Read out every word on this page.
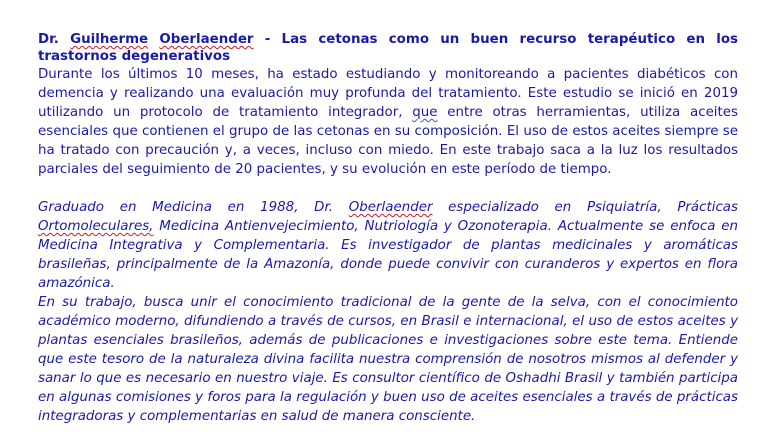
Dr. Guilherme Oberlaender - Las cetonas como un buen recurso terapéutico en los trastornos degenerativos

Durante los últimos 10 meses, ha estado estudiando y monitoreando a pacientes diabéticos con demencia y realizando una evaluación muy profunda del tratamiento. Este estudio se inició en 2019 utilizando un protocolo de tratamiento integrador, que entre otras herramientas, utiliza aceites esenciales que contienen el grupo de las cetonas en su composición. El uso de estos aceites siempre se ha tratado con precaución y, a veces, incluso con miedo. En este trabajo saca a la luz los resultados parciales del seguimiento de 20 pacientes, y su evolución en este período de tiempo.

Graduado en Medicina en 1988, Dr. Oberlaender especializado en Psiquiatría, Prácticas Ortomoleculares, Medicina Antienvejecimiento, Nutriología y Ozonoterapia. Actualmente se enfoca en Medicina Integrativa y Complementaria. Es investigador de plantas medicinales y aromáticas brasileñas, principalmente de la Amazonía, donde puede convivir con curanderos y expertos en flora amazónica.

En su trabajo, busca unir el conocimiento tradicional de la gente de la selva, con el conocimiento académico moderno, difundiendo a través de cursos, en Brasil e internacional, el uso de estos aceites y plantas esenciales brasileños, además de publicaciones e investigaciones sobre este tema. Entiende que este tesoro de la naturaleza divina facilita nuestra comprensión de nosotros mismos al defender y sanar lo que es necesario en nuestro viaje. Es consultor científico de Oshadhi Brasil y también participa en algunas comisiones y foros para la regulación y buen uso de aceites esenciales a través de prácticas integradoras y complementarias en salud de manera consciente.
